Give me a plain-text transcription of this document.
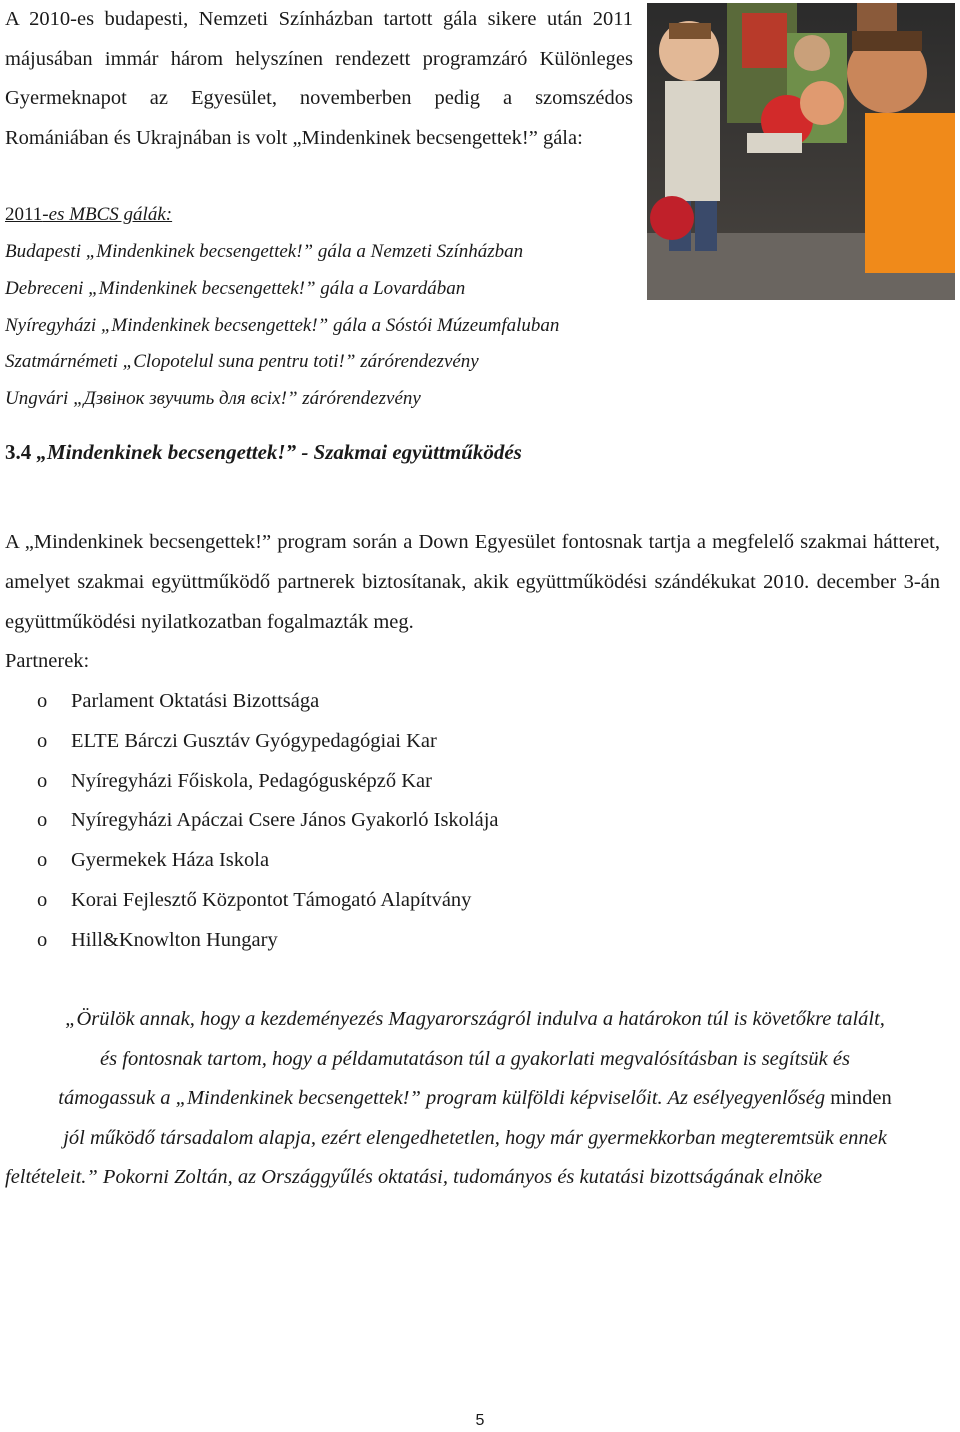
A 2010-es budapesti, Nemzeti Színházban tartott gála sikere után 2011 májusában immár három helyszínen rendezett programzáró Különleges Gyermeknapot az Egyesület, novemberben pedig a szomszédos Romániában és Ukrajnában is volt „Mindenkinek becsengettek!” gála:

2011-es MBCS gálák:

Budapesti „Mindenkinek becsengettek!” gála a Nemzeti Színházban
Debreceni „Mindenkinek becsengettek!” gála a Lovardában
Nyíregyházi „Mindenkinek becsengettek!” gála a Sóstói Múzeumfaluban
Szatmárnémeti „Clopotelul suna pentru toti!” zárórendezvény
Ungvári „Дзвінок звучить для всіх!” zárórendezvény
3.4 „Mindenkinek becsengettek!” - Szakmai együttműködés

A „Mindenkinek becsengettek!” program során a Down Egyesület fontosnak tartja a megfelelő szakmai hátteret, amelyet szakmai együttműködő partnerek biztosítanak, akik együttműködési szándékukat 2010. december 3-án együttműködési nyilatkozatban fogalmazták meg.

Partnerek:

o Parlament Oktatási Bizottsága
o ELTE Bárczi Gusztáv Gyógypedagógiai Kar
o Nyíregyházi Főiskola, Pedagógusképző Kar
o Nyíregyházi Apáczai Csere János Gyakorló Iskolája
o Gyermekek Háza Iskola
o Korai Fejlesztő Központot Támogató Alapítvány
o Hill&Knowlton Hungary

„Örülök annak, hogy a kezdeményezés Magyarországról indulva a határokon túl is követőkre talált,
és fontosnak tartom, hogy a példamutatáson túl a gyakorlati megvalósításban is segítsük és
támogassuk a „Mindenkinek becsengettek!” program külföldi képviselőit. Az esélyegyenlőség minden
jól működő társadalom alapja, ezért elengedhetetlen, hogy már gyermekkorban megteremtsük ennek
feltételeit.” Pokorni Zoltán, az Országgyűlés oktatási, tudományos és kutatási bizottságának elnöke

5
